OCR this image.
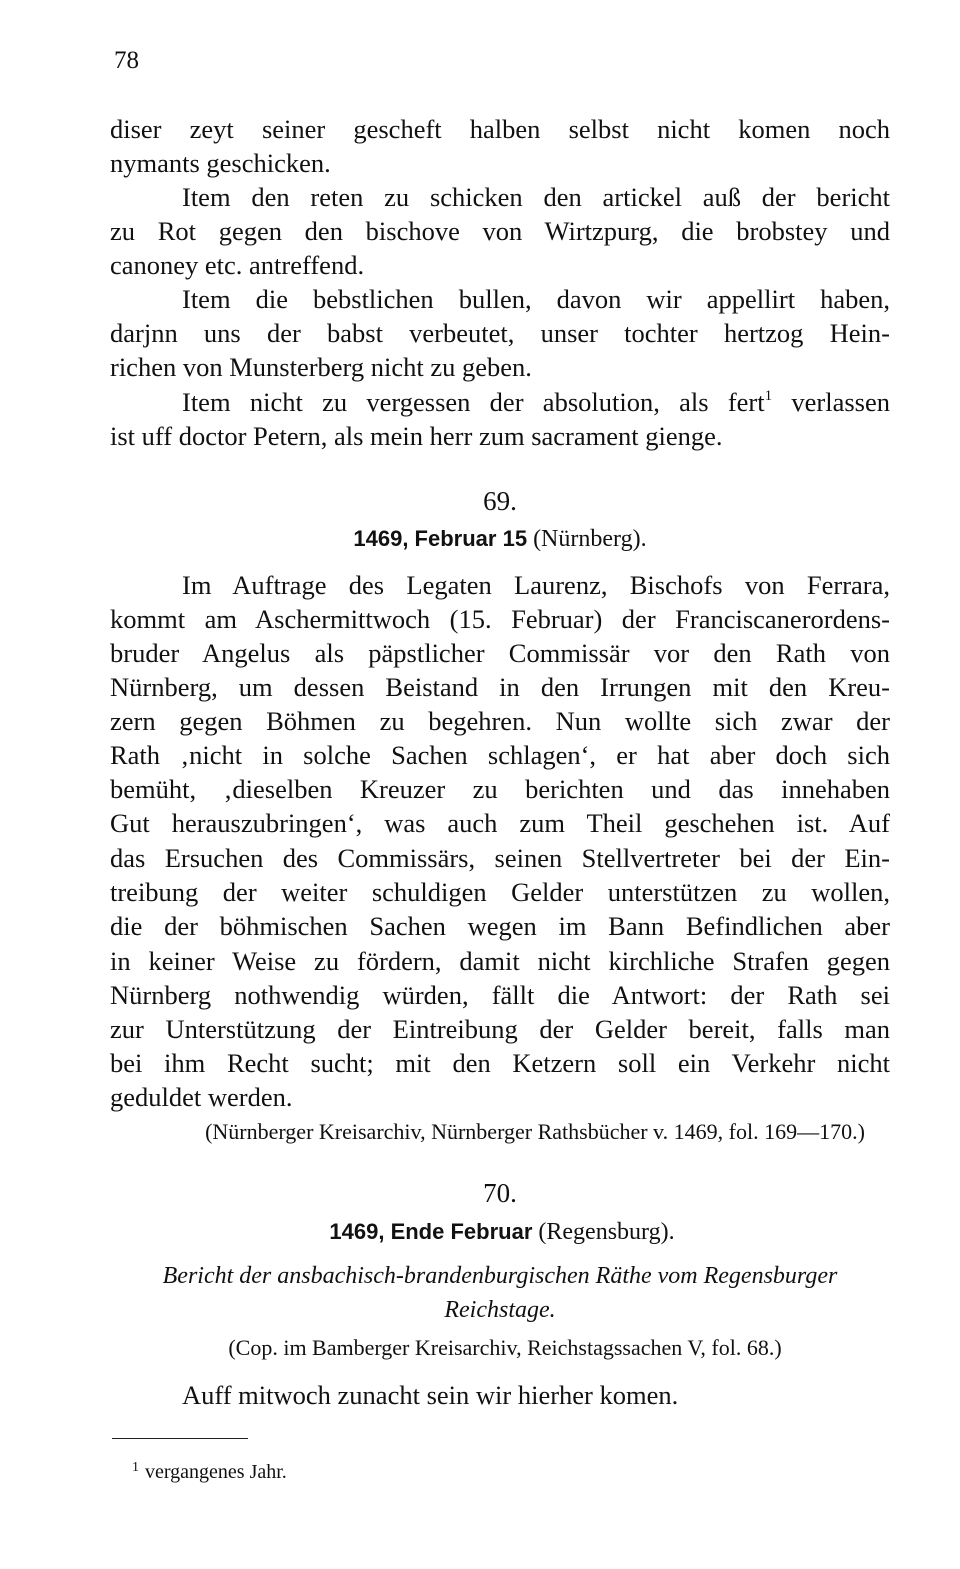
78
diser zeyt seiner gescheft halben selbst nicht komen noch
nymants geschicken.
Item den reten zu schicken den artickel auß der bericht
zu Rot gegen den bischove von Wirtzpurg, die brobstey und
canoney etc. antreffend.
Item die bebstlichen bullen, davon wir appellirt haben,
darjnn uns der babst verbeutet, unser tochter hertzog Hein-
richen von Munsterberg nicht zu geben.
Item nicht zu vergessen der absolution, als fert$^1$ verlassen
ist uff doctor Petern, als mein herr zum sacrament gienge.
69.
1469, Februar 15 (Nürnberg).
Im Auftrage des Legaten Laurenz, Bischofs von Ferrara,
kommt am Aschermittwoch (15. Februar) der Franciscanerordens-
bruder Angelus als päpstlicher Commissär vor den Rath von
Nürnberg, um dessen Beistand in den Irrungen mit den Kreu-
zern gegen Böhmen zu begehren. Nun wollte sich zwar der
Rath ‚nicht in solche Sachen schlagen‘, er hat aber doch sich
bemüht, ‚dieselben Kreuzer zu berichten und das innehaben
Gut herauszubringen‘, was auch zum Theil geschehen ist. Auf
das Ersuchen des Commissärs, seinen Stellvertreter bei der Ein-
treibung der weiter schuldigen Gelder unterstützen zu wollen,
die der böhmischen Sachen wegen im Bann Befindlichen aber
in keiner Weise zu fördern, damit nicht kirchliche Strafen gegen
Nürnberg nothwendig würden, fällt die Antwort: der Rath sei
zur Unterstützung der Eintreibung der Gelder bereit, falls man
bei ihm Recht sucht; mit den Ketzern soll ein Verkehr nicht
geduldet werden.
(Nürnberger Kreisarchiv, Nürnberger Rathsbücher v. 1469, fol. 169—170.)
70.
1469, Ende Februar (Regensburg).
Bericht der ansbachisch-brandenburgischen Räthe vom Regensburger
Reichstage.
(Cop. im Bamberger Kreisarchiv, Reichstagssachen V, fol. 68.)
Auff mitwoch zunacht sein wir hierher komen.
$^1$ vergangenes Jahr.
